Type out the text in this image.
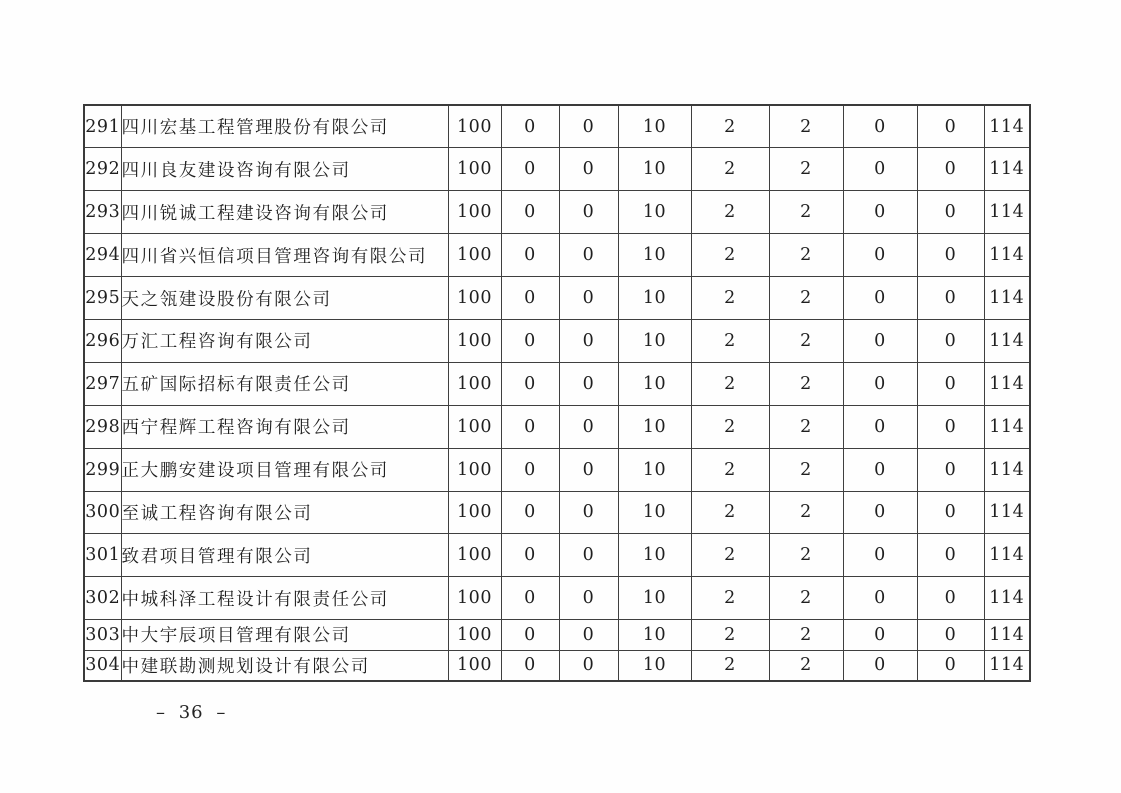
291	四川宏基工程管理股份有限公司	100	0	0	10	2	2	0	0	114
292	四川良友建设咨询有限公司	100	0	0	10	2	2	0	0	114
293	四川锐诚工程建设咨询有限公司	100	0	0	10	2	2	0	0	114
294	四川省兴恒信项目管理咨询有限公司	100	0	0	10	2	2	0	0	114
295	天之瓴建设股份有限公司	100	0	0	10	2	2	0	0	114
296	万汇工程咨询有限公司	100	0	0	10	2	2	0	0	114
297	五矿国际招标有限责任公司	100	0	0	10	2	2	0	0	114
298	西宁程辉工程咨询有限公司	100	0	0	10	2	2	0	0	114
299	正大鹏安建设项目管理有限公司	100	0	0	10	2	2	0	0	114
300	至诚工程咨询有限公司	100	0	0	10	2	2	0	0	114
301	致君项目管理有限公司	100	0	0	10	2	2	0	0	114
302	中城科泽工程设计有限责任公司	100	0	0	10	2	2	0	0	114
303	中大宇辰项目管理有限公司	100	0	0	10	2	2	0	0	114
304	中建联勘测规划设计有限公司	100	0	0	10	2	2	0	0	114
– 36 –
